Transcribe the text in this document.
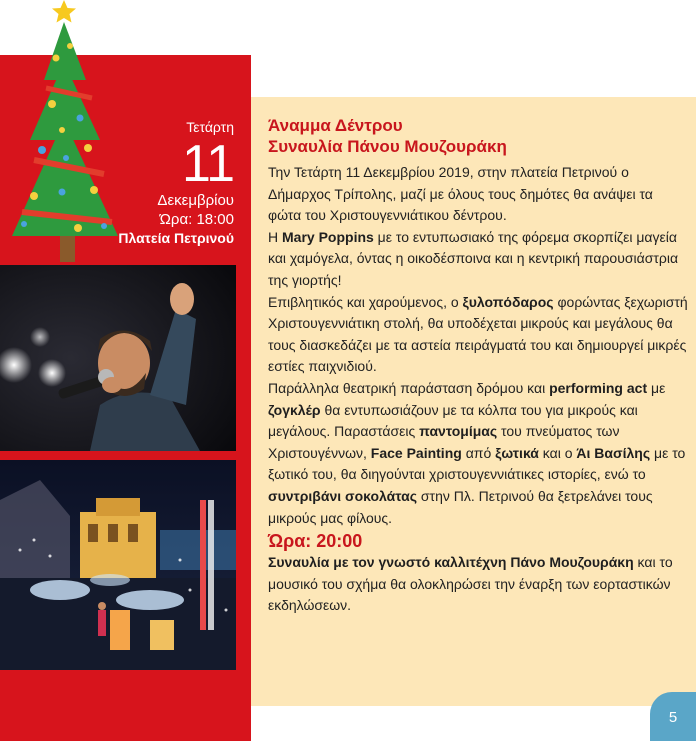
Τετάρτη
11
Δεκεμβρίου
Ώρα: 18:00
Πλατεία Πετρινού
Άναμμα Δέντρου
Συναυλία Πάνου Μουζουράκη

Την Τετάρτη 11 Δεκεμβρίου 2019, στην πλατεία Πετρινού ο Δήμαρχος Τρίπολης, μαζί με όλους τους δημότες θα ανάψει τα φώτα του Χριστουγεννιάτικου δέντρου.

Η Mary Poppins με το εντυπωσιακό της φόρεμα σκορπίζει μαγεία και χαμόγελα, όντας η οικοδέσποινα και η κεντρική παρουσιάστρια της γιορτής!

Επιβλητικός και χαρούμενος, ο ξυλοπόδαρος φορώντας ξεχωριστή Χριστουγεννιάτικη στολή, θα υποδέχεται μικρούς και μεγάλους θα τους διασκεδάζει με τα αστεία πειράγματά του και δημιουργεί μικρές εστίες παιχνιδιού.

Παράλληλα θεατρική παράσταση δρόμου και performing act με ζογκλέρ θα εντυπωσιάζουν με τα κόλπα του για μικρούς και μεγάλους. Παραστάσεις παντομίμας του πνεύματος των Χριστουγέννων, Face Painting από ξωτικά και ο Άι Βασίλης με το ξωτικό του, θα διηγούνται χριστουγεννιάτικες ιστορίες, ενώ το συντριβάνι σοκολάτας στην Πλ. Πετρινού θα ξετρελάνει τους μικρούς μας φίλους.

Ώρα: 20:00

Συναυλία με τον γνωστό καλλιτέχνη Πάνο Μουζουράκη και το μουσικό του σχήμα θα ολοκληρώσει την έναρξη των εορταστικών εκδηλώσεων.

5
